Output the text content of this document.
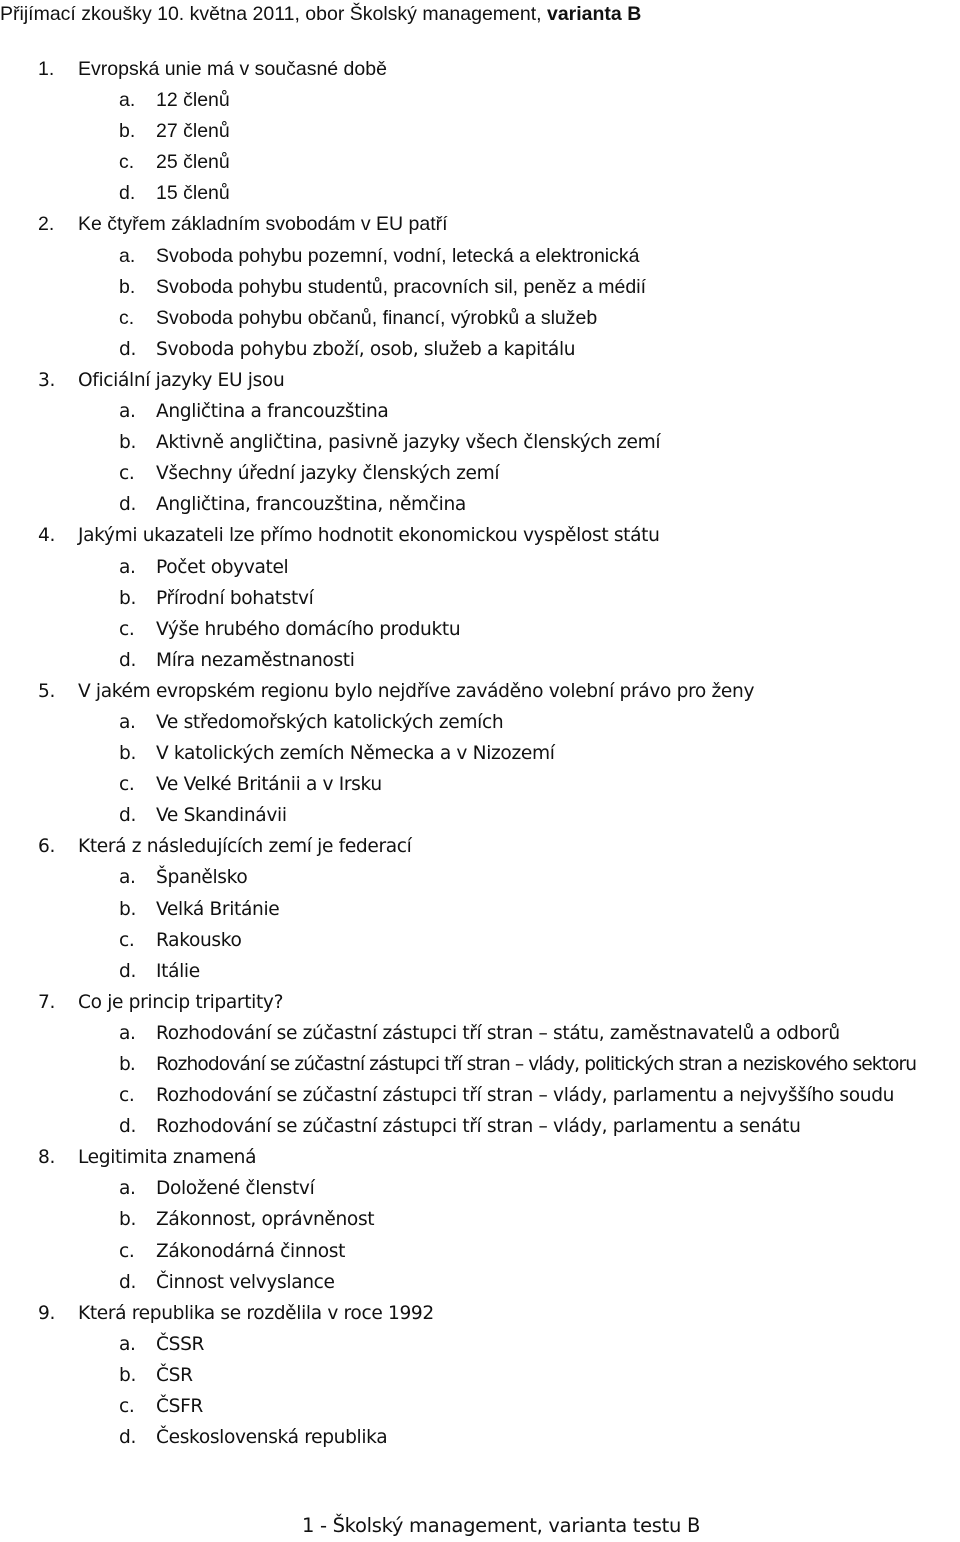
Přijímací zkoušky 10. května 2011, obor Školský management, varianta B
1. Evropská unie má v současné době
a. 12 členů
b. 27 členů
c. 25 členů
d. 15 členů
2. Ke čtyřem základním svobodám v EU patří
a. Svoboda pohybu pozemní, vodní, letecká a elektronická
b. Svoboda pohybu studentů, pracovních sil, peněz a médií
c. Svoboda pohybu občanů, financí, výrobků a služeb
d. Svoboda pohybu zboží, osob, služeb a kapitálu
3. Oficiální jazyky EU jsou
a. Angličtina a francouzština
b. Aktivně angličtina, pasivně jazyky všech členských zemí
c. Všechny úřední jazyky členských zemí
d. Angličtina, francouzština, němčina
4. Jakými ukazateli lze přímo hodnotit ekonomickou vyspělost státu
a. Počet obyvatel
b. Přírodní bohatství
c. Výše hrubého domácího produktu
d. Míra nezaměstnanosti
5. V jakém evropském regionu bylo nejdříve zaváděno volební právo pro ženy
a. Ve středomořských katolických zemích
b. V katolických zemích Německa a v Nizozemí
c. Ve Velké Británii a v Irsku
d. Ve Skandinávii
6. Která z následujících zemí je federací
a. Španělsko
b. Velká Británie
c. Rakousko
d. Itálie
7. Co je princip tripartity?
a. Rozhodování se zúčastní zástupci tří stran – státu, zaměstnavatelů a odborů
b. Rozhodování se zúčastní zástupci tří stran – vlády, politických stran a neziskového sektoru
c. Rozhodování se zúčastní zástupci tří stran – vlády, parlamentu a nejvyššího soudu
d. Rozhodování se zúčastní zástupci tří stran – vlády, parlamentu a senátu
8. Legitimita znamená
a. Doložené členství
b. Zákonnost, oprávněnost
c. Zákonodárná činnost
d. Činnost velvyslance
9. Která republika se rozdělila v roce 1992
a. ČSSR
b. ČSR
c. ČSFR
d. Československá republika
1 - Školský management, varianta testu B
